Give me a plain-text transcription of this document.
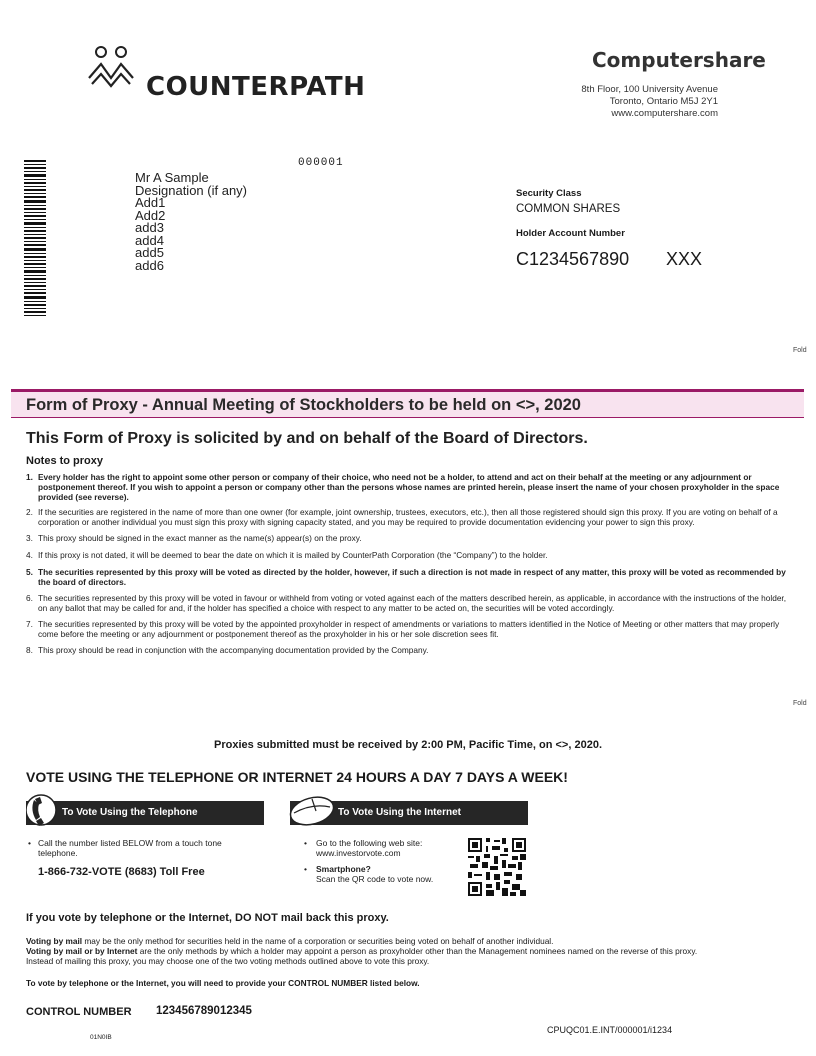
COUNTERPATH
Computershare
8th Floor, 100 University Avenue
Toronto, Ontario M5J 2Y1
www.computershare.com
000001
Mr A Sample
Designation (if any)
Add1
Add2
add3
add4
add5
add6
Security Class
COMMON SHARES
Holder Account Number
C1234567890 XXX
Fold
Fold
Form of Proxy - Annual Meeting of Stockholders to be held on <>, 2020
This Form of Proxy is solicited by and on behalf of the Board of Directors.
Notes to proxy
1. Every holder has the right to appoint some other person or company of their choice, who need not be a holder, to attend and act on their behalf at the meeting or any adjournment or postponement thereof. If you wish to appoint a person or company other than the persons whose names are printed herein, please insert the name of your chosen proxyholder in the space provided (see reverse).
2. If the securities are registered in the name of more than one owner (for example, joint ownership, trustees, executors, etc.), then all those registered should sign this proxy. If you are voting on behalf of a corporation or another individual you must sign this proxy with signing capacity stated, and you may be required to provide documentation evidencing your power to sign this proxy.
3. This proxy should be signed in the exact manner as the name(s) appear(s) on the proxy.
4. If this proxy is not dated, it will be deemed to bear the date on which it is mailed by CounterPath Corporation (the “Company”) to the holder.
5. The securities represented by this proxy will be voted as directed by the holder, however, if such a direction is not made in respect of any matter, this proxy will be voted as recommended by the board of directors.
6. The securities represented by this proxy will be voted in favour or withheld from voting or voted against each of the matters described herein, as applicable, in accordance with the instructions of the holder, on any ballot that may be called for and, if the holder has specified a choice with respect to any matter to be acted on, the securities will be voted accordingly.
7. The securities represented by this proxy will be voted by the appointed proxyholder in respect of amendments or variations to matters identified in the Notice of Meeting or other matters that may properly come before the meeting or any adjournment or postponement thereof as the proxyholder in his or her sole discretion sees fit.
8. This proxy should be read in conjunction with the accompanying documentation provided by the Company.
Proxies submitted must be received by 2:00 PM, Pacific Time, on <>, 2020.
VOTE USING THE TELEPHONE OR INTERNET 24 HOURS A DAY 7 DAYS A WEEK!
To Vote Using the Telephone
• Call the number listed BELOW from a touch tone telephone.
1-866-732-VOTE (8683) Toll Free
To Vote Using the Internet
• Go to the following web site:
www.investorvote.com
• Smartphone?
Scan the QR code to vote now.
If you vote by telephone or the Internet, DO NOT mail back this proxy.
Voting by mail may be the only method for securities held in the name of a corporation or securities being voted on behalf of another individual.
Voting by mail or by Internet are the only methods by which a holder may appoint a person as proxyholder other than the Management nominees named on the reverse of this proxy.
Instead of mailing this proxy, you may choose one of the two voting methods outlined above to vote this proxy.
To vote by telephone or the Internet, you will need to provide your CONTROL NUMBER listed below.
CONTROL NUMBER 123456789012345
01N0IB
CPUQC01.E.INT/000001/i1234
